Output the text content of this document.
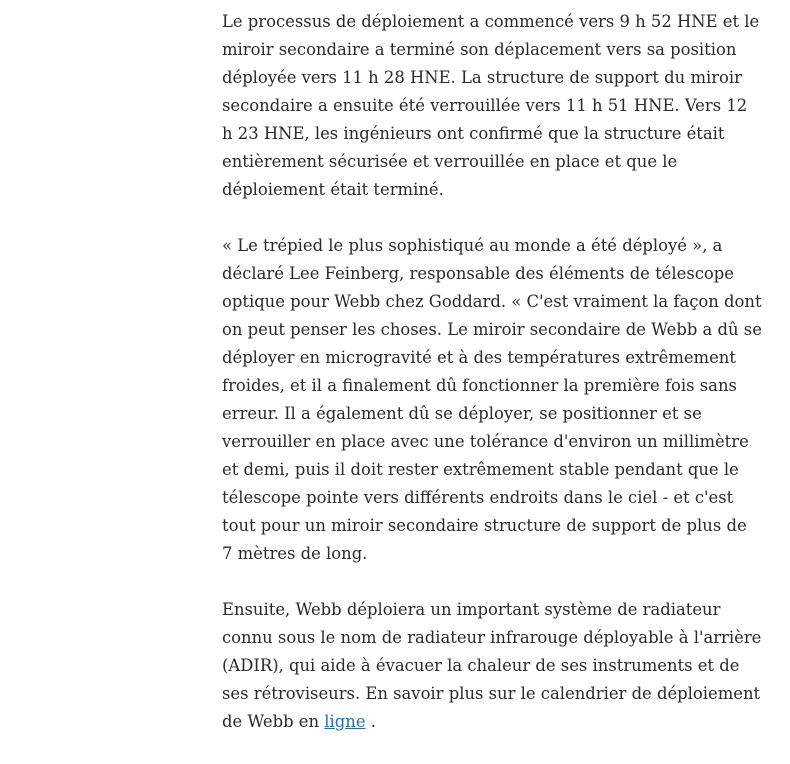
Le processus de déploiement a commencé vers 9 h 52 HNE et le miroir secondaire a terminé son déplacement vers sa position déployée vers 11 h 28 HNE. La structure de support du miroir secondaire a ensuite été verrouillée vers 11 h 51 HNE. Vers 12 h 23 HNE, les ingénieurs ont confirmé que la structure était entièrement sécurisée et verrouillée en place et que le déploiement était terminé.

« Le trépied le plus sophistiqué au monde a été déployé », a déclaré Lee Feinberg, responsable des éléments de télescope optique pour Webb chez Goddard. « C'est vraiment la façon dont on peut penser les choses. Le miroir secondaire de Webb a dû se déployer en microgravité et à des températures extrêmement froides, et il a finalement dû fonctionner la première fois sans erreur. Il a également dû se déployer, se positionner et se verrouiller en place avec une tolérance d'environ un millimètre et demi, puis il doit rester extrêmement stable pendant que le télescope pointe vers différents endroits dans le ciel - et c'est tout pour un miroir secondaire structure de support de plus de 7 mètres de long.

Ensuite, Webb déploiera un important système de radiateur connu sous le nom de radiateur infrarouge déployable à l'arrière (ADIR), qui aide à évacuer la chaleur de ses instruments et de ses rétroviseurs. En savoir plus sur le calendrier de déploiement de Webb en ligne .
